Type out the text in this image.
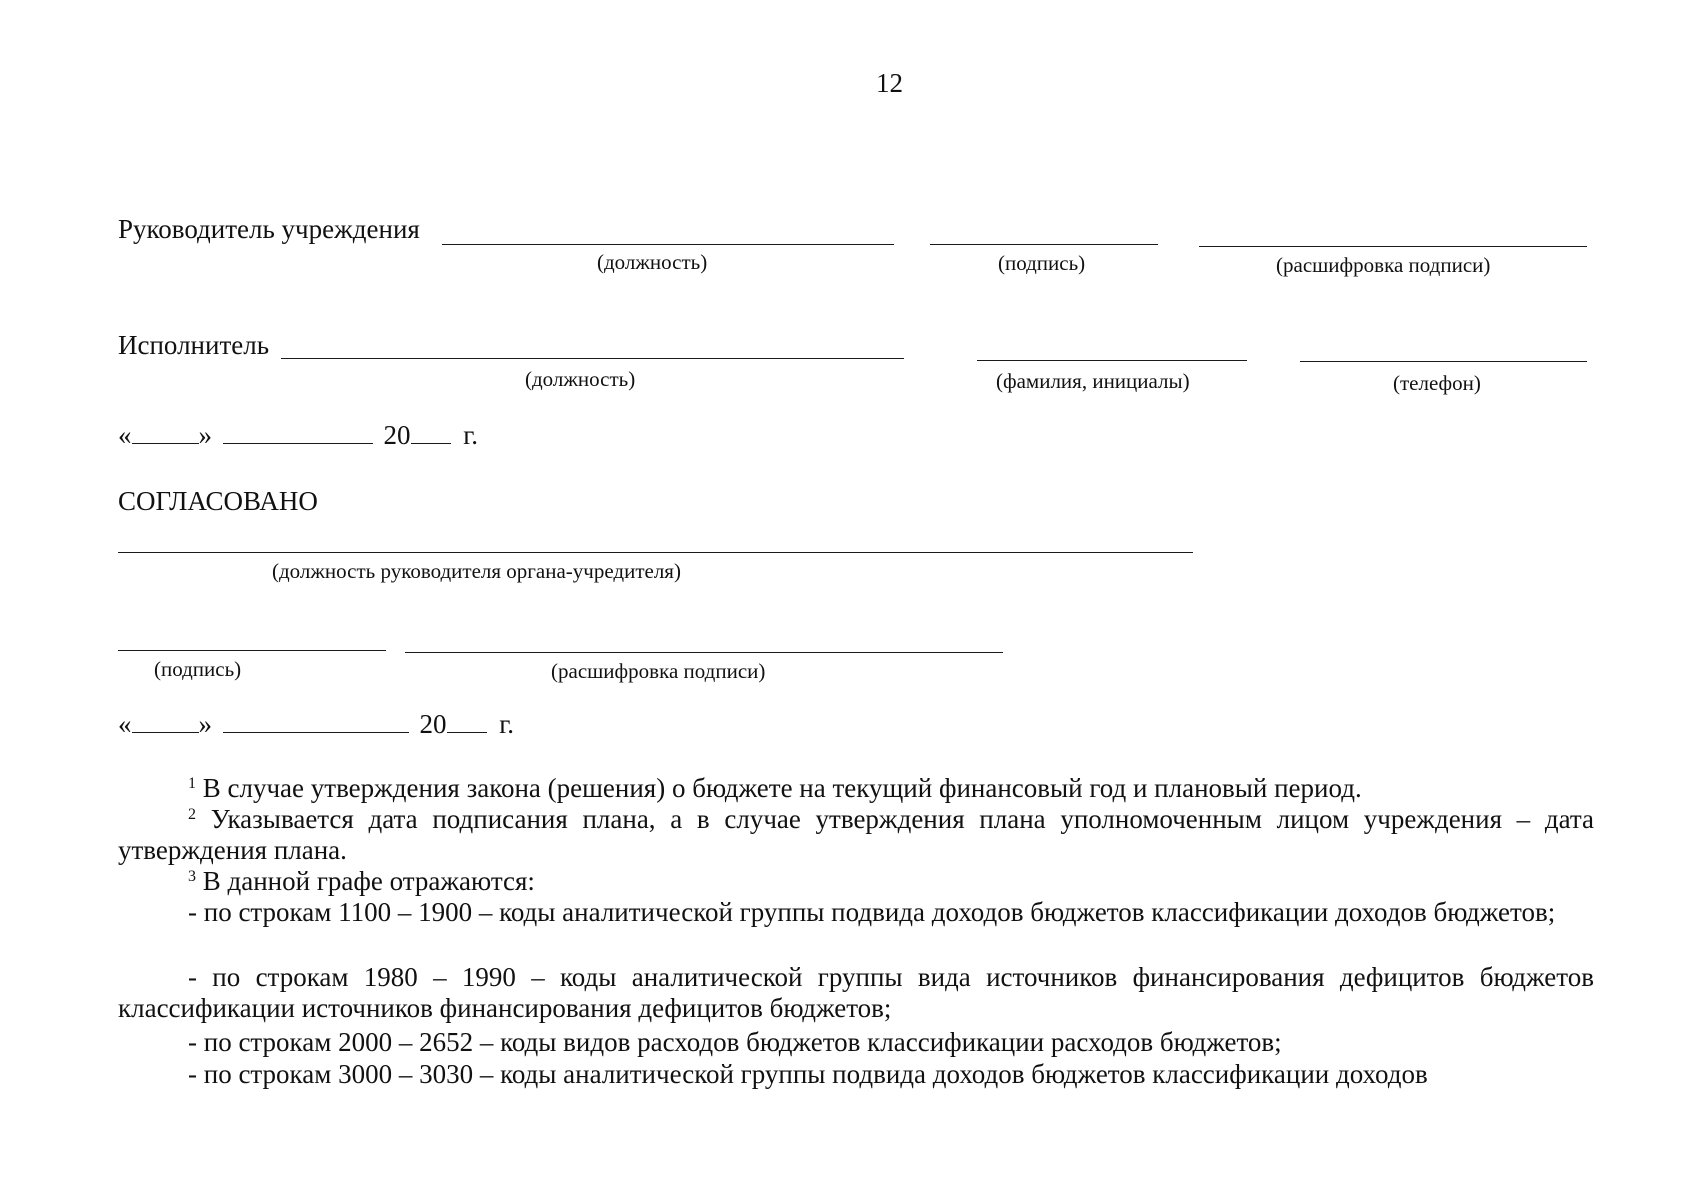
12
Руководитель учреждения
(должность)	(подпись)	(расшифровка подписи)
Исполнитель
(должность)	(фамилия, инициалы)	(телефон)
« »	20 г.
СОГЛАСОВАНО
(должность руководителя органа-учредителя)
(подпись)	(расшифровка подписи)
« »	20 г.

$^1$ В случае утверждения закона (решения) о бюджете на текущий финансовый год и плановый период.

$^2$ Указывается дата подписания плана, а в случае утверждения плана уполномоченным лицом учреждения – дата утверждения плана.

$^3$ В данной графе отражаются:

- по строкам 1100 – 1900 – коды аналитической группы подвида доходов бюджетов классификации доходов бюджетов;

- по строкам 1980 – 1990 – коды аналитической группы вида источников финансирования дефицитов бюджетов классификации источников финансирования дефицитов бюджетов;

- по строкам 2000 – 2652 – коды видов расходов бюджетов классификации расходов бюджетов;

- по строкам 3000 – 3030 – коды аналитической группы подвида доходов бюджетов классификации доходов
